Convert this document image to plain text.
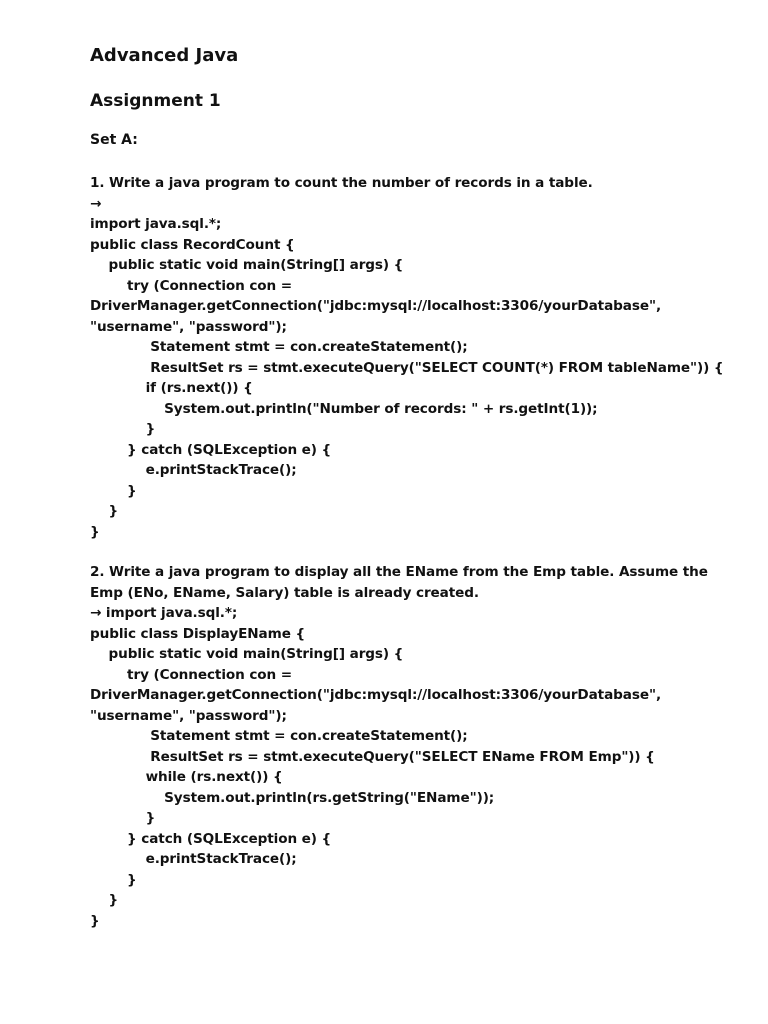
Advanced Java
Assignment 1
Set A:
1. Write a java program to count the number of records in a table.
→
import java.sql.*;
public class RecordCount {
public static void main(String[] args) {
try (Connection con =
DriverManager.getConnection("jdbc:mysql://localhost:3306/yourDatabase",
"username", "password");
Statement stmt = con.createStatement();
ResultSet rs = stmt.executeQuery("SELECT COUNT(*) FROM tableName")) {
if (rs.next()) {
System.out.println("Number of records: " + rs.getInt(1));
}
} catch (SQLException e) {
e.printStackTrace();
}
}
}
2. Write a java program to display all the EName from the Emp table. Assume the
Emp (ENo, EName, Salary) table is already created.
→ import java.sql.*;
public class DisplayEName {
public static void main(String[] args) {
try (Connection con =
DriverManager.getConnection("jdbc:mysql://localhost:3306/yourDatabase",
"username", "password");
Statement stmt = con.createStatement();
ResultSet rs = stmt.executeQuery("SELECT EName FROM Emp")) {
while (rs.next()) {
System.out.println(rs.getString("EName"));
}
} catch (SQLException e) {
e.printStackTrace();
}
}
}
